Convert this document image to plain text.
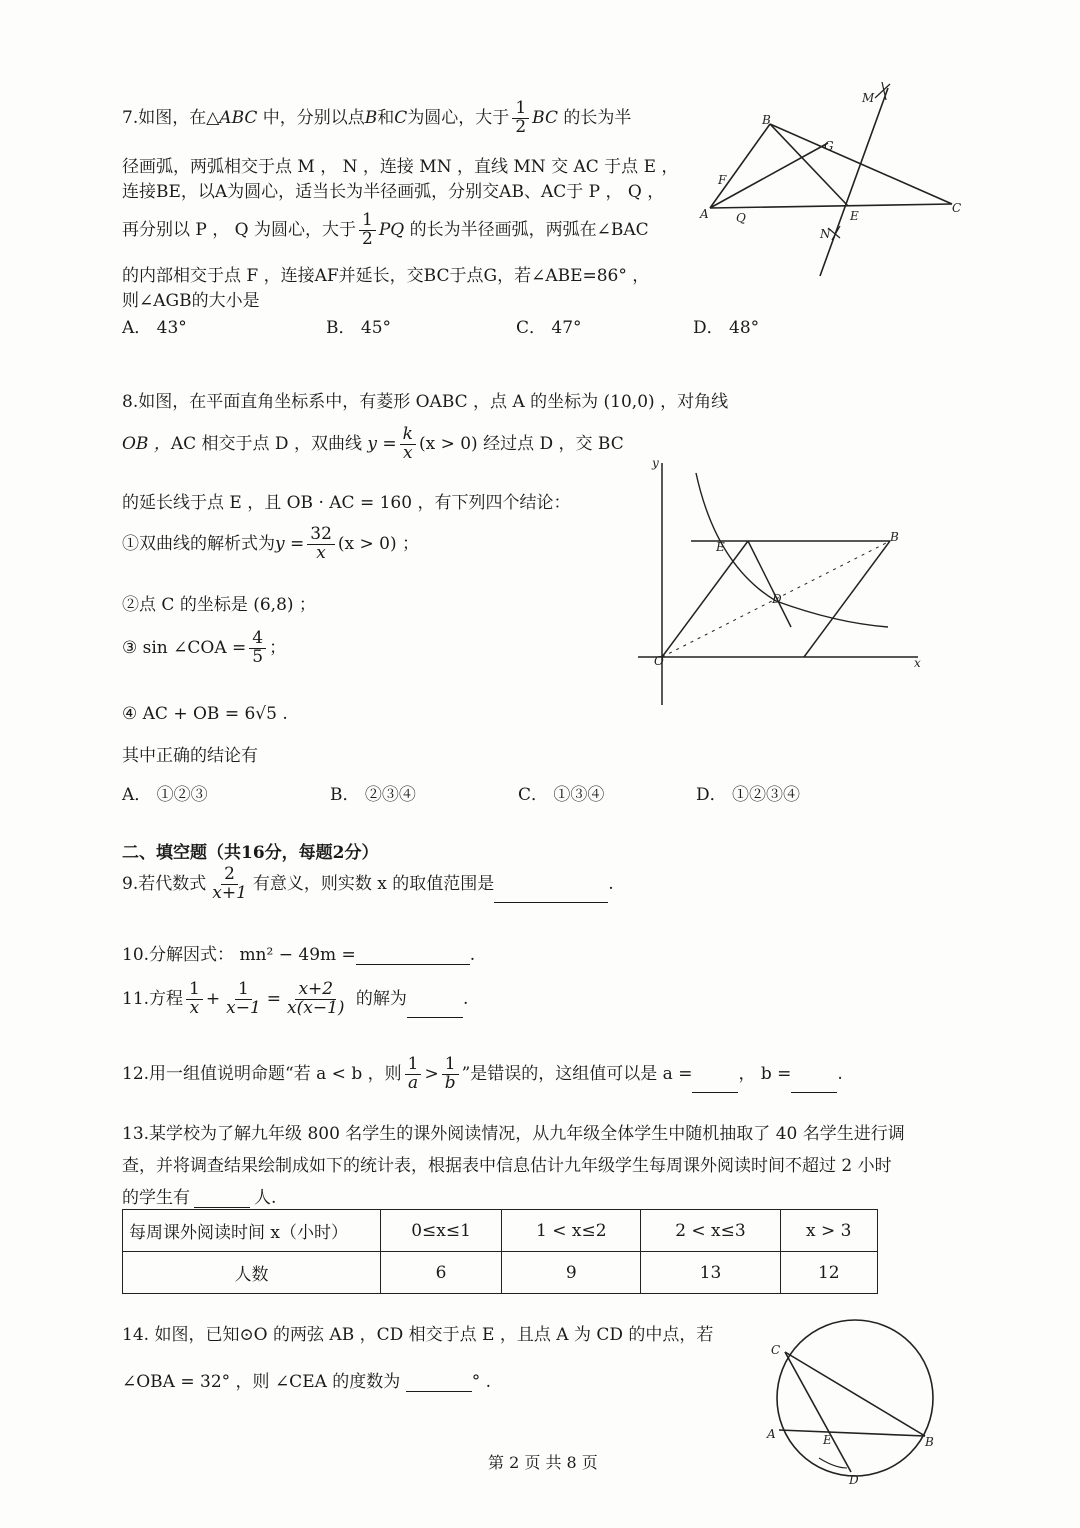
7.如图，在△ABC 中，分别以点B和C为圆心，大于 $\frac{1}{2}$ BC 的长为半
径画弧，两弧相交于点 M ， N ，连接 MN ，直线 MN 交 AC 于点 E ，
连接BE，以A为圆心，适当长为半径画弧，分别交AB、AC于 P ， Q ，
再分别以 P ， Q 为圆心，大于 $\frac{1}{2}$ PQ 的长为半径画弧，两弧在∠BAC
的内部相交于点 F ，连接AF并延长，交BC于点G，若∠ABE=86° ，
则∠AGB的大小是
A． 43°	B． 45°	C． 47°	D． 48°
M
B
G
F
A Q	E
C
N
8.如图，在平面直角坐标系中，有菱形 OABC ，点 A 的坐标为 (10,0) ，对角线
OB ，AC 相交于点 D ，双曲线 $y = \frac{k}{x} (x > 0)$ 经过点 D ，交 BC
的延长线于点 E ，且 OB · AC = 160 ，有下列四个结论：
①双曲线的解析式为$y = \frac{32}{x} (x > 0)$ ；
②点 C 的坐标是 (6,8) ；
③ sin ∠COA = $\frac{4}{5}$ ；
④ AC + OB = 6√5 .
其中正确的结论有
A． ①②③	B． ②③④	C． ①③④	D． ①②③④
y
E
B
D
O	x
二、填空题（共16分，每题2分）
9.若代数式 $\frac{2}{x+1}$ 有意义，则实数 x 的取值范围是	.
10.分解因式： mn² − 49m =	.
11.方程 $\frac{1}{x} + \frac{1}{x-1} = \frac{x+2}{x(x-1)}$ 的解为	.
12.用一组值说明命题“若 a < b ，则 $\frac{1}{a} > \frac{1}{b}$ ”是错误的，这组值可以是 a =	， b =	.
13.某学校为了解九年级 800 名学生的课外阅读情况，从九年级全体学生中随机抽取了 40 名学生进行调
查，并将调查结果绘制成如下的统计表，根据表中信息估计九年级学生每周课外阅读时间不超过 2 小时
的学生有	人.
每周课外阅读时间 x（小时）	0≤x≤1	1 < x≤2	2 < x≤3	x > 3
人数	6	9	13	12
14. 如图，已知⊙O 的两弦 AB ，CD 相交于点 E ，且点 A 为 CD 的中点，若
∠OBA = 32° ，则 ∠CEA 的度数为	° .
C
A	E	B
D
第 2 页 共 8 页
